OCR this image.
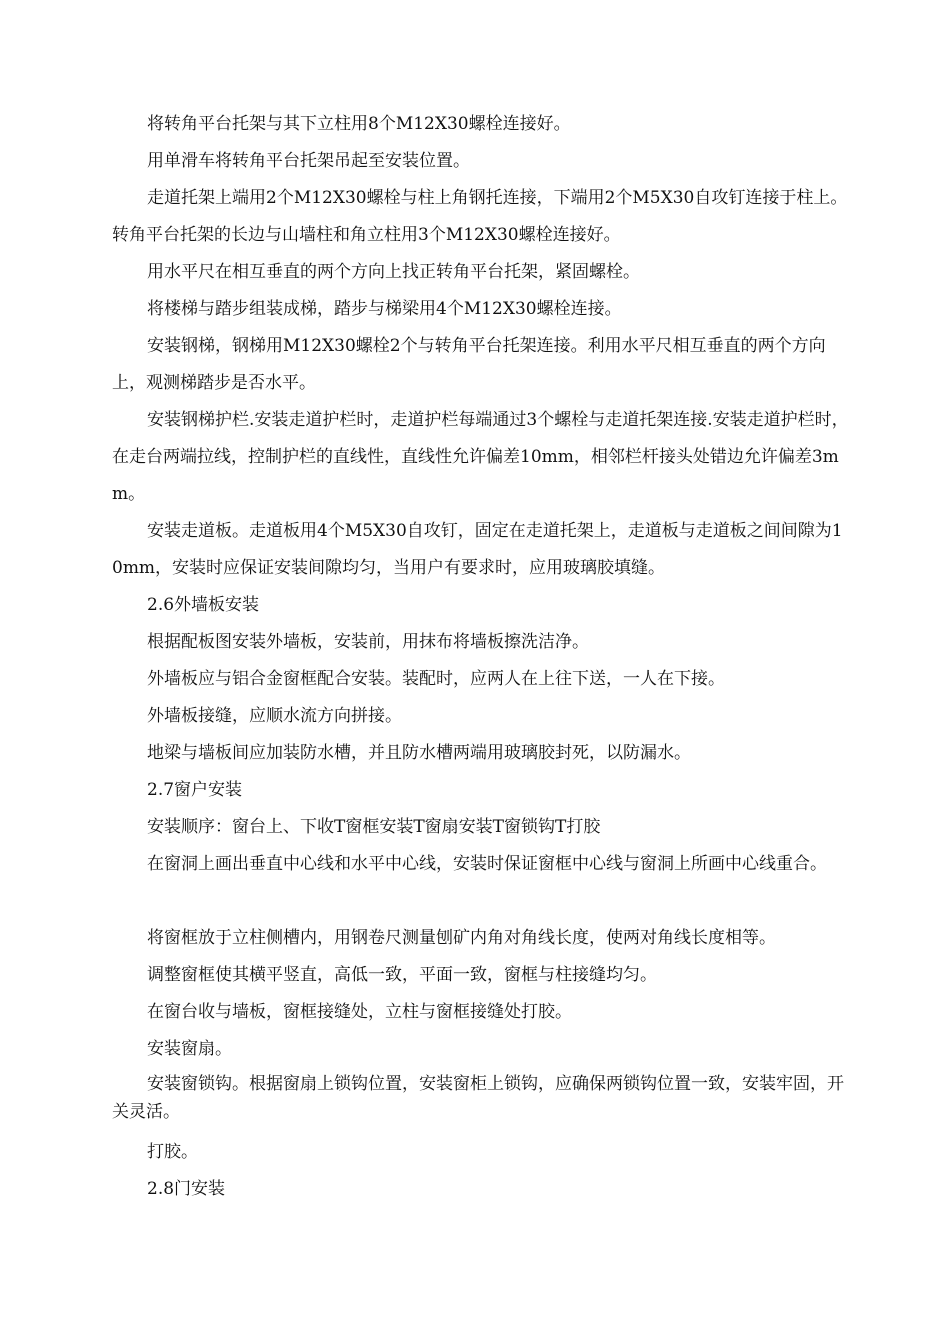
将转角平台托架与其下立柱用8个M12X30螺栓连接好。

用单滑车将转角平台托架吊起至安装位置。

走道托架上端用2个M12X30螺栓与柱上角钢托连接，下端用2个M5X30自攻钉连接于柱上。转角平台托架的长边与山墙柱和角立柱用3个M12X30螺栓连接好。

用水平尺在相互垂直的两个方向上找正转角平台托架，紧固螺栓。

将楼梯与踏步组装成梯，踏步与梯梁用4个M12X30螺栓连接。

安装钢梯，钢梯用M12X30螺栓2个与转角平台托架连接。利用水平尺相互垂直的两个方向上，观测梯踏步是否水平。

安装钢梯护栏.安装走道护栏时，走道护栏每端通过3个螺栓与走道托架连接.安装走道护栏时，在走台两端拉线，控制护栏的直线性，直线性允许偏差10mm，相邻栏杆接头处错边允许偏差3mm。

安装走道板。走道板用4个M5X30自攻钉，固定在走道托架上，走道板与走道板之间间隙为10mm，安装时应保证安装间隙均匀，当用户有要求时，应用玻璃胶填缝。

2.6外墙板安装

根据配板图安装外墙板，安装前，用抹布将墙板擦洗洁净。

外墙板应与铝合金窗框配合安装。装配时，应两人在上往下送，一人在下接。

外墙板接缝，应顺水流方向拼接。

地梁与墙板间应加装防水槽，并且防水槽两端用玻璃胶封死，以防漏水。

2.7窗户安装

安装顺序：窗台上、下收T窗框安装T窗扇安装T窗锁钩T打胶

在窗洞上画出垂直中心线和水平中心线，安装时保证窗框中心线与窗洞上所画中心线重合。

将窗框放于立柱侧槽内，用钢卷尺测量刨矿内角对角线长度，使两对角线长度相等。

调整窗框使其横平竖直，高低一致，平面一致，窗框与柱接缝均匀。

在窗台收与墙板，窗框接缝处，立柱与窗框接缝处打胶。

安装窗扇。

安装窗锁钩。根据窗扇上锁钩位置，安装窗柜上锁钩，应确保两锁钩位置一致，安装牢固，开关灵活。

打胶。

2.8门安装
